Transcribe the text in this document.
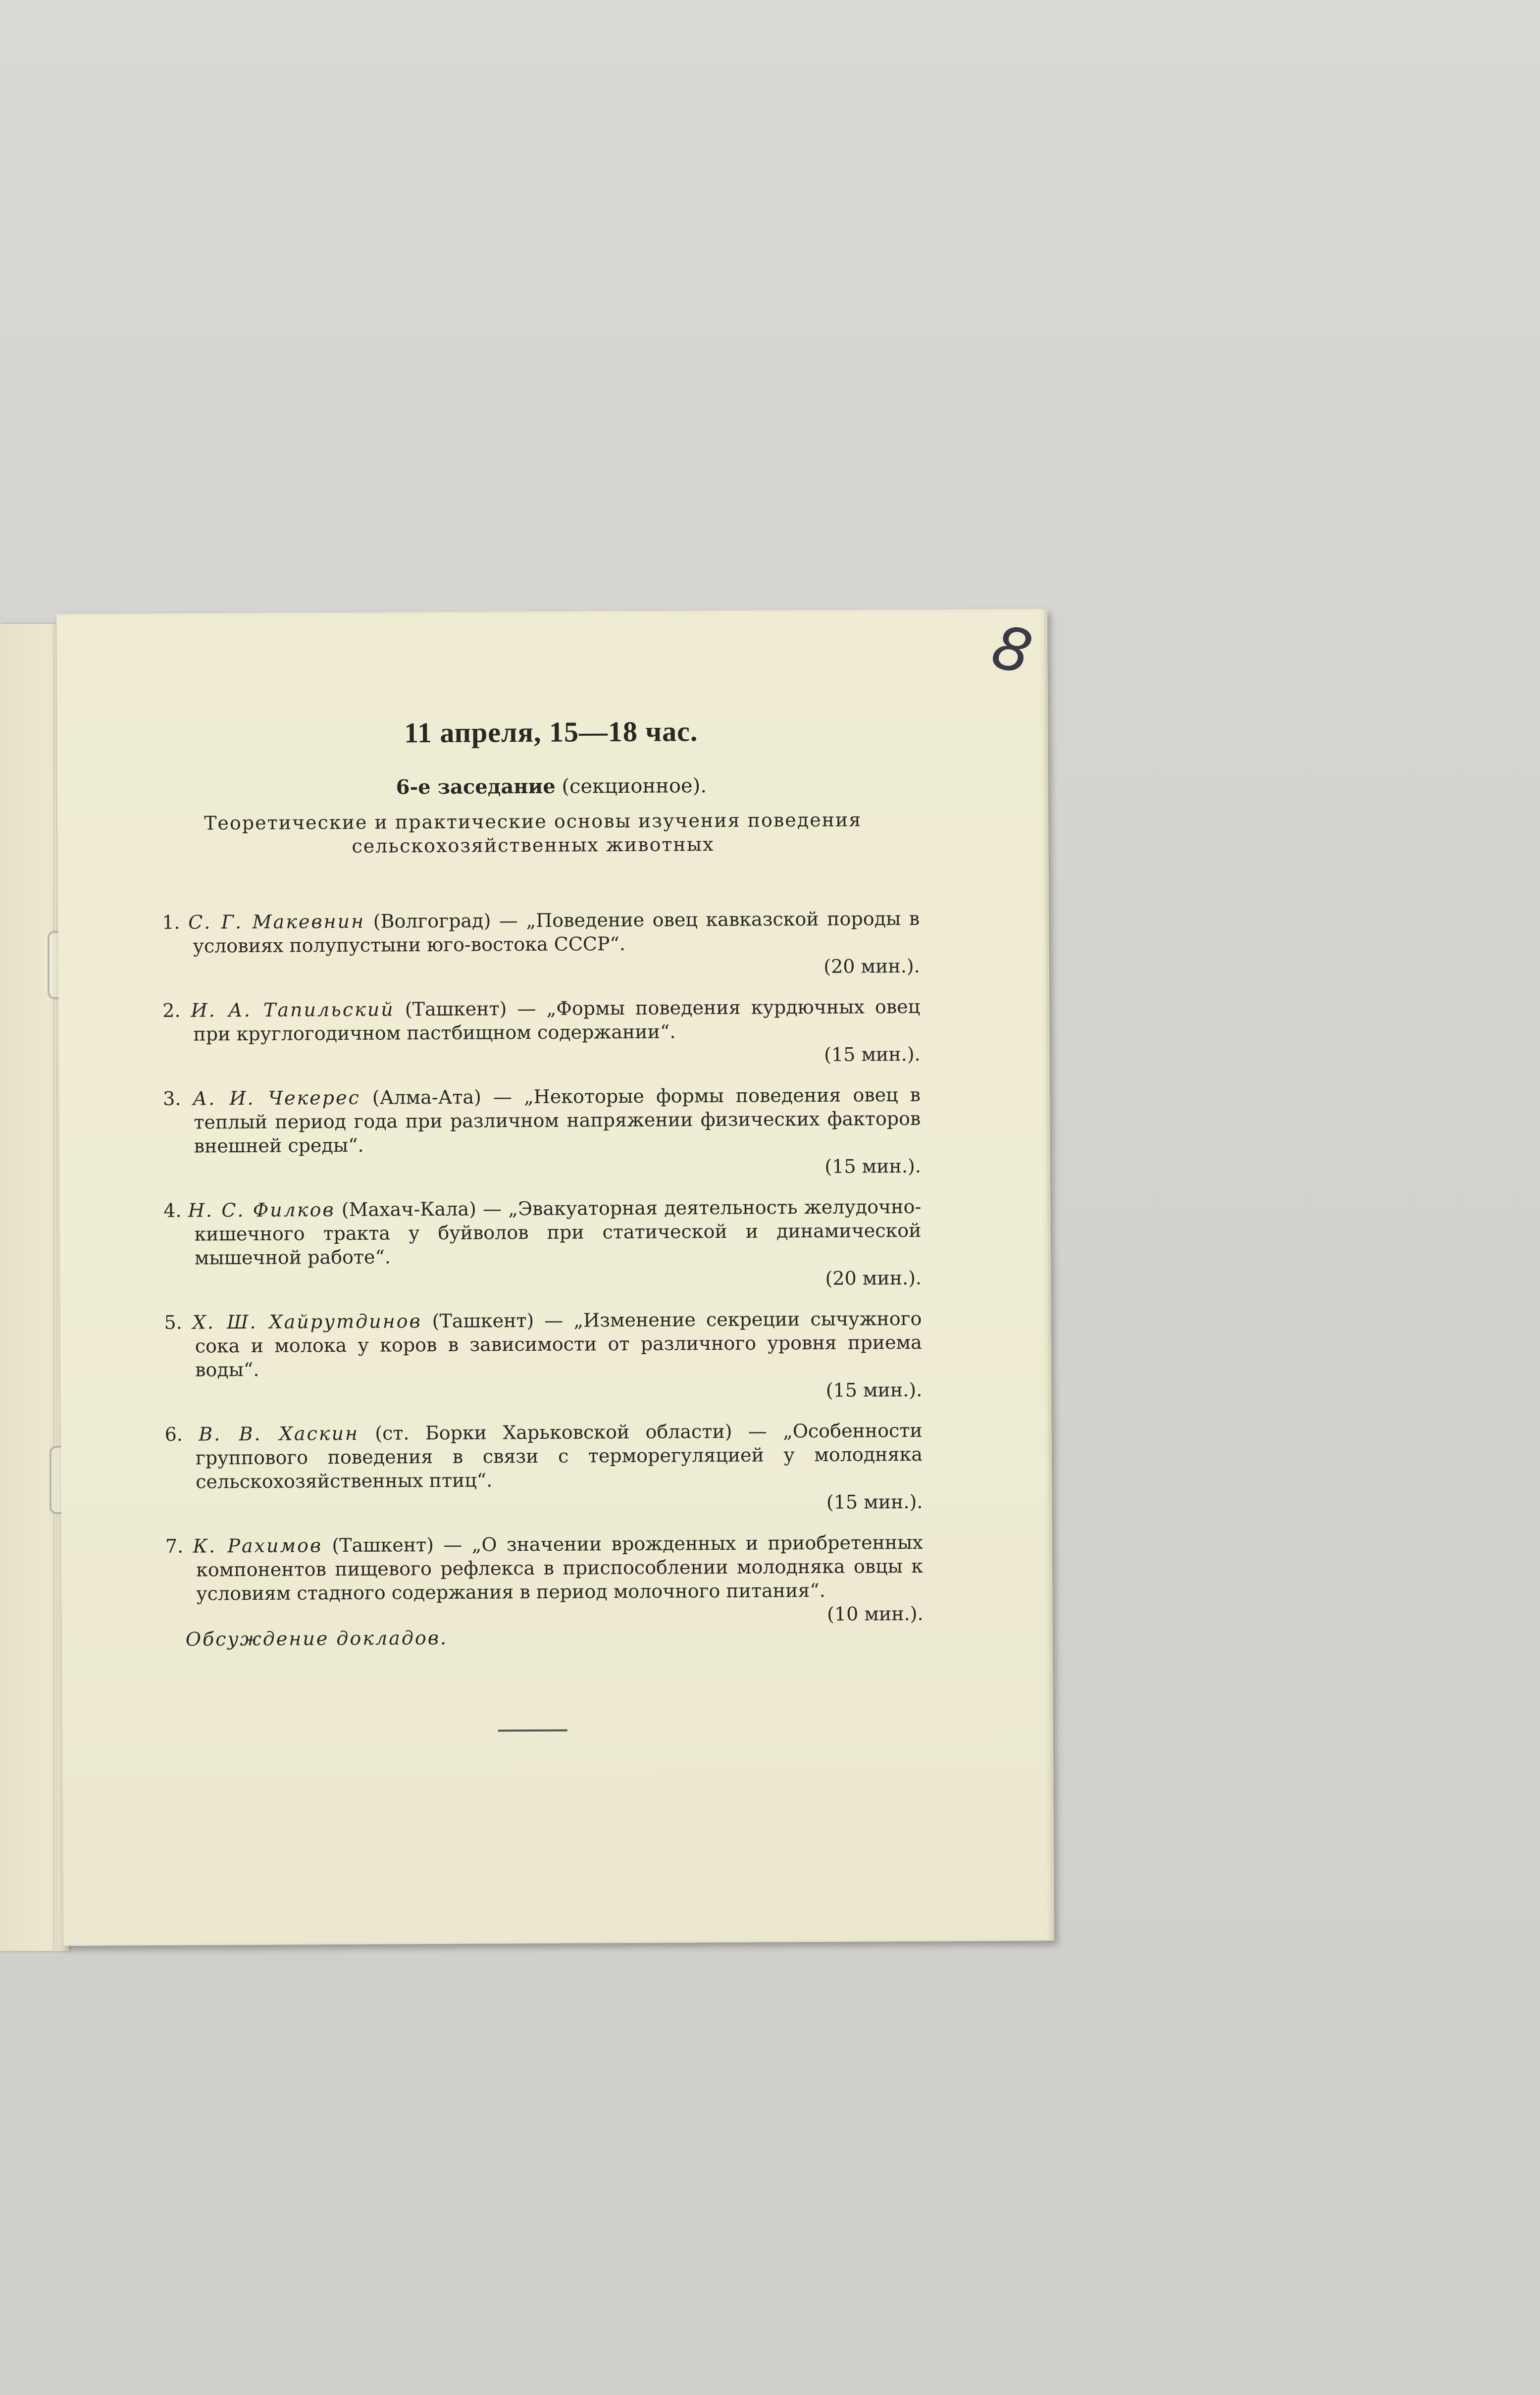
8
11 апреля, 15—18 час.
6-е заседание (секционное).
Теоретические и практические основы изучения поведения сельскохозяйственных животных
1. С. Г. Макевнин (Волгоград) — „Поведение овец кавказской породы в условиях полупустыни юго-востока СССР“.
(20 мин.).
2. И. А. Тапильский (Ташкент) — „Формы поведения курдючных овец при круглогодичном пастбищном содержании“.
(15 мин.).
3. А. И. Чекерес (Алма-Ата) — „Некоторые формы поведения овец в теплый период года при различном напряжении физических факторов внешней среды“.
(15 мин.).
4. Н. С. Филков (Махач-Кала) — „Эвакуаторная деятельность желудочно-кишечного тракта у буйволов при статической и динамической мышечной работе“.
(20 мин.).
5. Х. Ш. Хайрутдинов (Ташкент) — „Изменение секреции сычужного сока и молока у коров в зависимости от различного уровня приема воды“.
(15 мин.).
6. В. В. Хаскин (ст. Борки Харьковской области) — „Особенности группового поведения в связи с терморегуляцией у молодняка сельскохозяйственных птиц“.
(15 мин.).
7. К. Рахимов (Ташкент) — „О значении врожденных и приобретенных компонентов пищевого рефлекса в приспособлении молодняка овцы к условиям стадного содержания в период молочного питания“.
(10 мин.).
Обсуждение докладов.
